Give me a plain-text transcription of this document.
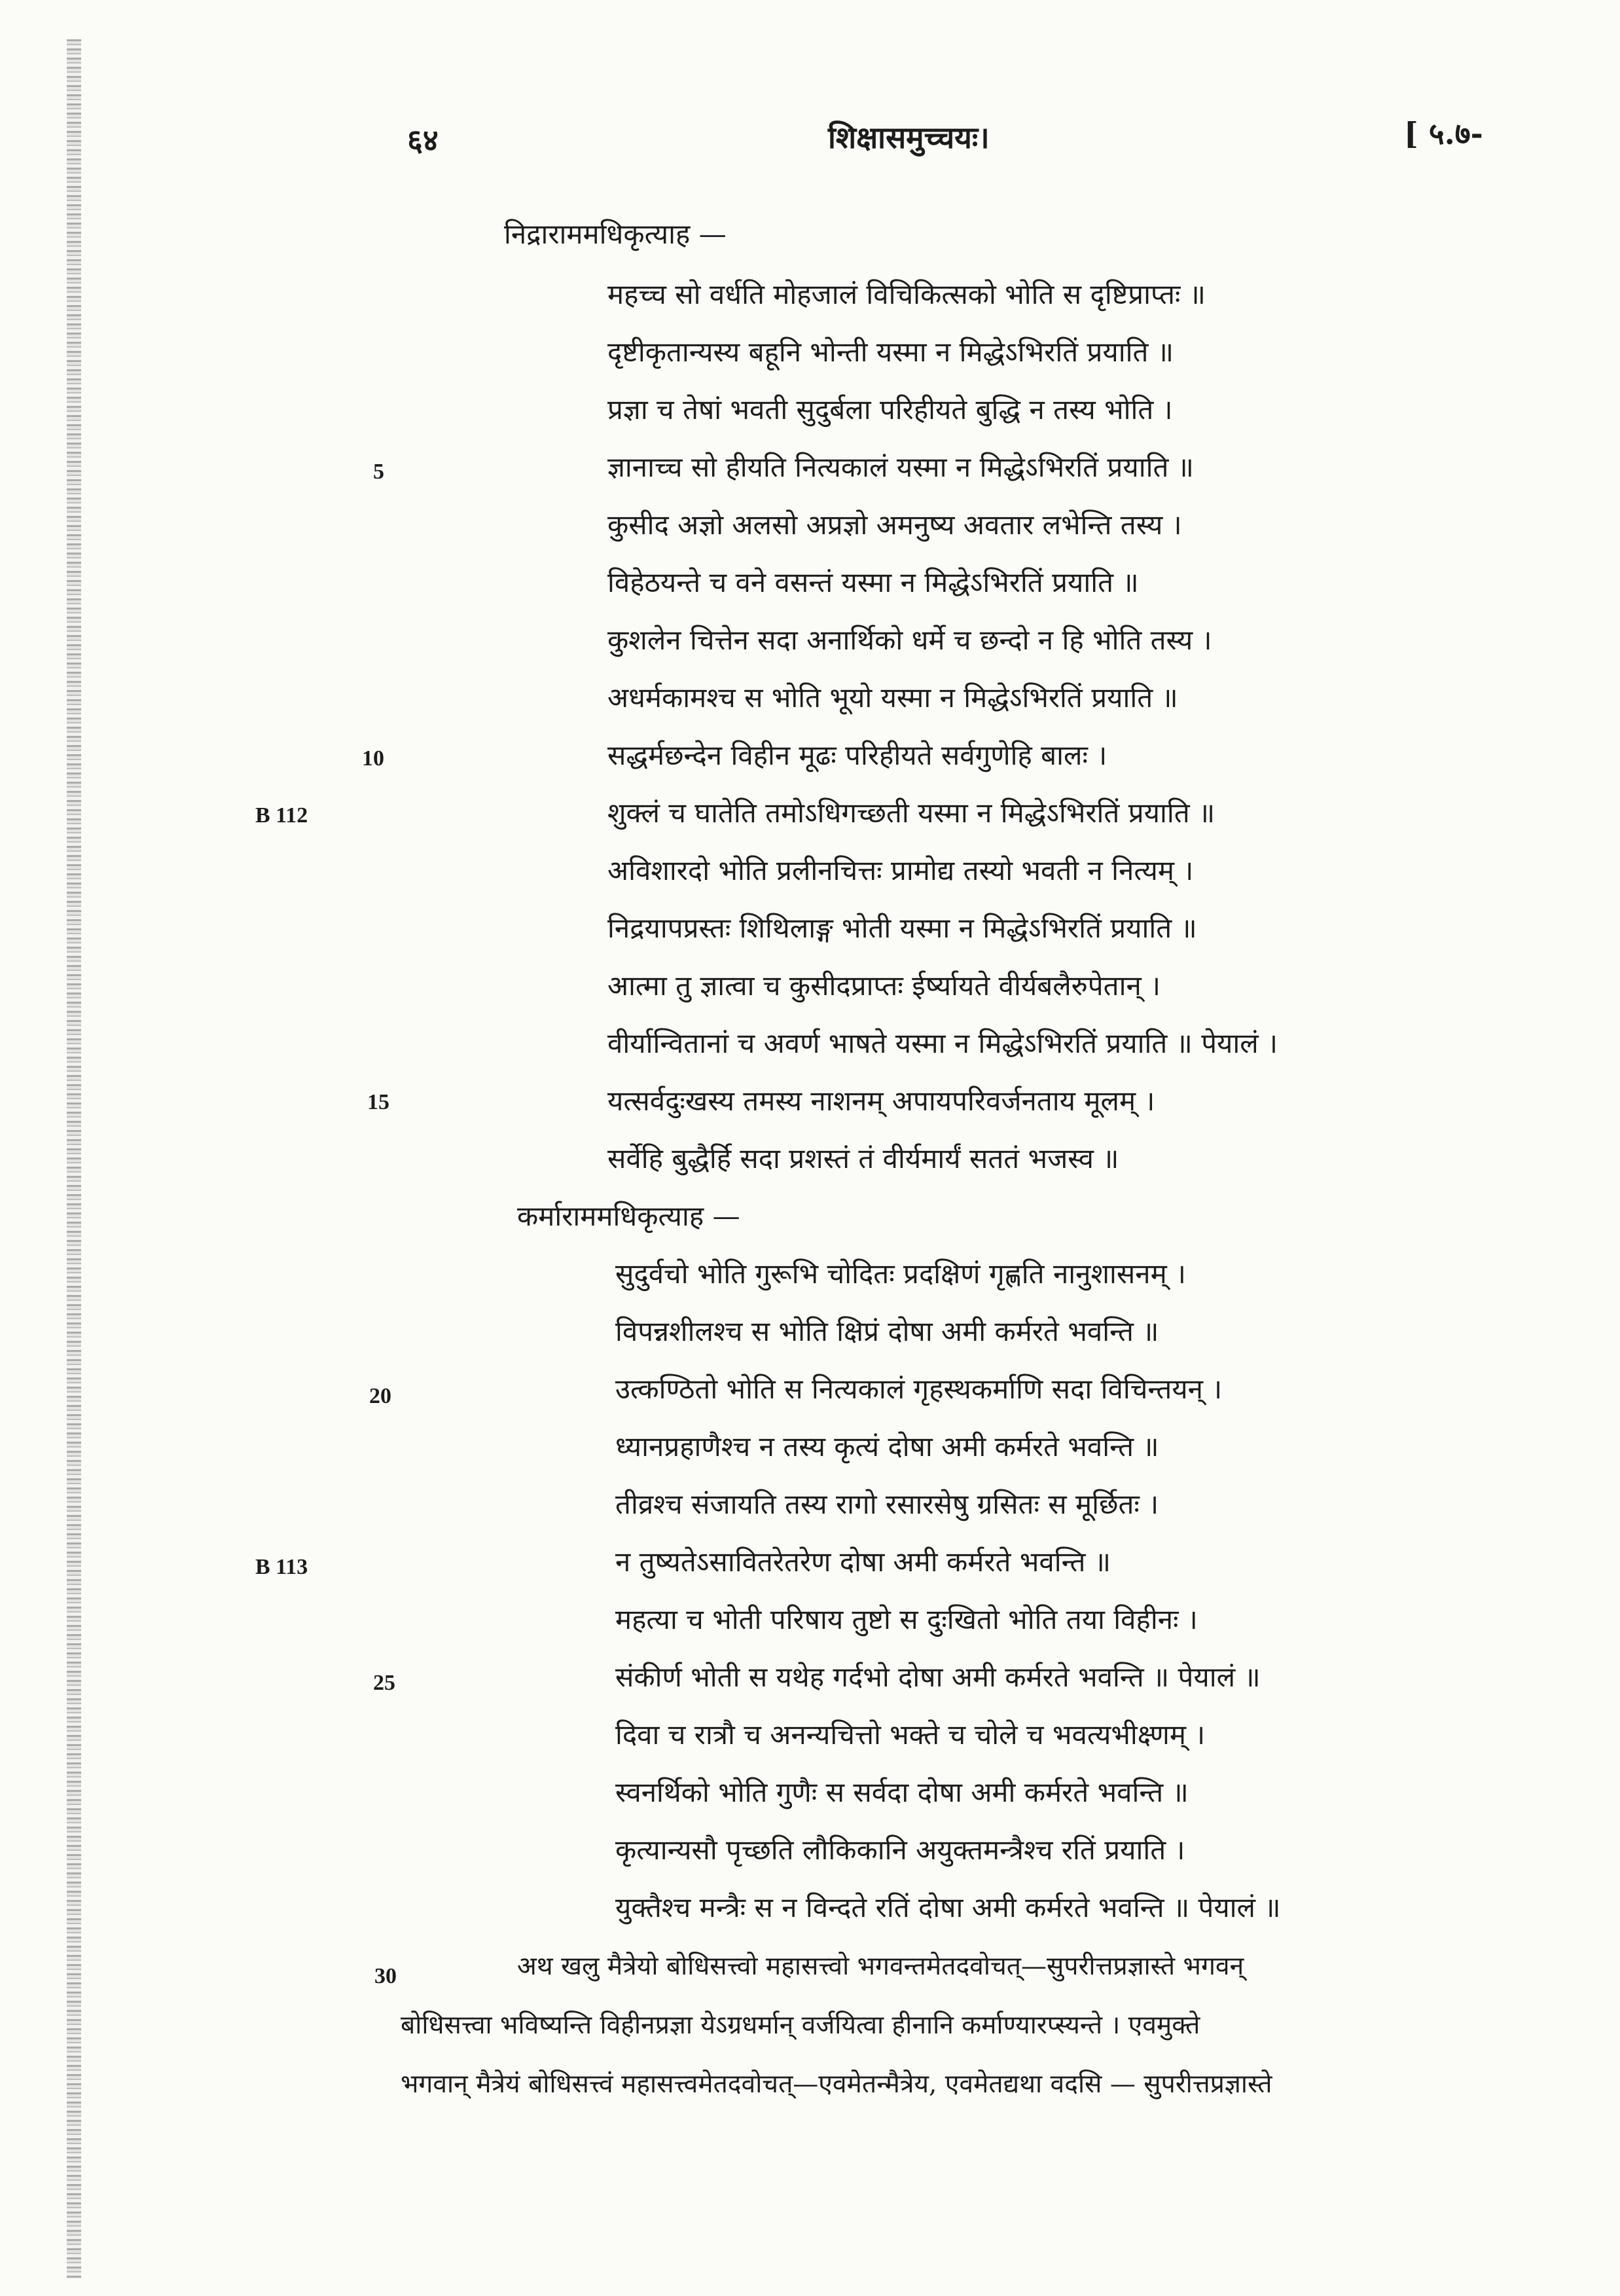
६४	शिक्षासमुच्चयः।	[ ५.७-
5
10
15
20
25
30
B 112
B 113
निद्राराममधिकृत्याह —
महच्च सो वर्धति मोहजालं विचिकित्सको भोति स दृष्टिप्राप्तः ॥
दृष्टीकृतान्यस्य बहूनि भोन्ती यस्मा न मिद्धेऽभिरतिं प्रयाति ॥
प्रज्ञा च तेषां भवती सुदुर्बला परिहीयते बुद्धि न तस्य भोति ।
ज्ञानाच्च सो हीयति नित्यकालं यस्मा न मिद्धेऽभिरतिं प्रयाति ॥
कुसीद अज्ञो अलसो अप्रज्ञो अमनुष्य अवतार लभेन्ति तस्य ।
विहेठयन्ते च वने वसन्तं यस्मा न मिद्धेऽभिरतिं प्रयाति ॥
कुशलेन चित्तेन सदा अनार्थिको धर्मे च छन्दो न हि भोति तस्य ।
अधर्मकामश्च स भोति भूयो यस्मा न मिद्धेऽभिरतिं प्रयाति ॥
सद्धर्मछन्देन विहीन मूढः परिहीयते सर्वगुणेहि बालः ।
शुक्लं च घातेति तमोऽधिगच्छती यस्मा न मिद्धेऽभिरतिं प्रयाति ॥
अविशारदो भोति प्रलीनचित्तः प्रामोद्य तस्यो भवती न नित्यम् ।
निद्रयापप्रस्तः शिथिलाङ्ग भोती यस्मा न मिद्धेऽभिरतिं प्रयाति ॥
आत्मा तु ज्ञात्वा च कुसीदप्राप्तः ईर्ष्यायते वीर्यबलैरुपेतान् ।
वीर्यान्वितानां च अवर्ण भाषते यस्मा न मिद्धेऽभिरतिं प्रयाति ॥ पेयालं ।
यत्सर्वदुःखस्य तमस्य नाशनम् अपायपरिवर्जनताय मूलम् ।
सर्वेहि बुद्धैर्हि सदा प्रशस्तं तं वीर्यमार्यं सततं भजस्व ॥
कर्माराममधिकृत्याह —
सुदुर्वचो भोति गुरूभि चोदितः प्रदक्षिणं गृह्णति नानुशासनम् ।
विपन्नशीलश्च स भोति क्षिप्रं दोषा अमी कर्मरते भवन्ति ॥
उत्कण्ठितो भोति स नित्यकालं गृहस्थकर्माणि सदा विचिन्तयन् ।
ध्यानप्रहाणैश्च न तस्य कृत्यं दोषा अमी कर्मरते भवन्ति ॥
तीव्रश्च संजायति तस्य रागो रसारसेषु ग्रसितः स मूर्छितः ।
न तुष्यतेऽसावितरेतरेण दोषा अमी कर्मरते भवन्ति ॥
महत्या च भोती परिषाय तुष्टो स दुःखितो भोति तया विहीनः ।
संकीर्ण भोती स यथेह गर्दभो दोषा अमी कर्मरते भवन्ति ॥ पेयालं ॥
दिवा च रात्रौ च अनन्यचित्तो भक्ते च चोले च भवत्यभीक्ष्णम् ।
स्वनर्थिको भोति गुणैः स सर्वदा दोषा अमी कर्मरते भवन्ति ॥
कृत्यान्यसौ पृच्छति लौकिकानि अयुक्तमन्त्रैश्च रतिं प्रयाति ।
युक्तैश्च मन्त्रैः स न विन्दते रतिं दोषा अमी कर्मरते भवन्ति ॥ पेयालं ॥
अथ खलु मैत्रेयो बोधिसत्त्वो महासत्त्वो भगवन्तमेतदवोचत्—सुपरीत्तप्रज्ञास्ते भगवन्
बोधिसत्त्वा भविष्यन्ति विहीनप्रज्ञा येऽग्रधर्मान् वर्जयित्वा हीनानि कर्माण्यारप्स्यन्ते । एवमुक्ते
भगवान् मैत्रेयं बोधिसत्त्वं महासत्त्वमेतदवोचत्—एवमेतन्मैत्रेय, एवमेतद्यथा वदसि — सुपरीत्तप्रज्ञास्ते
